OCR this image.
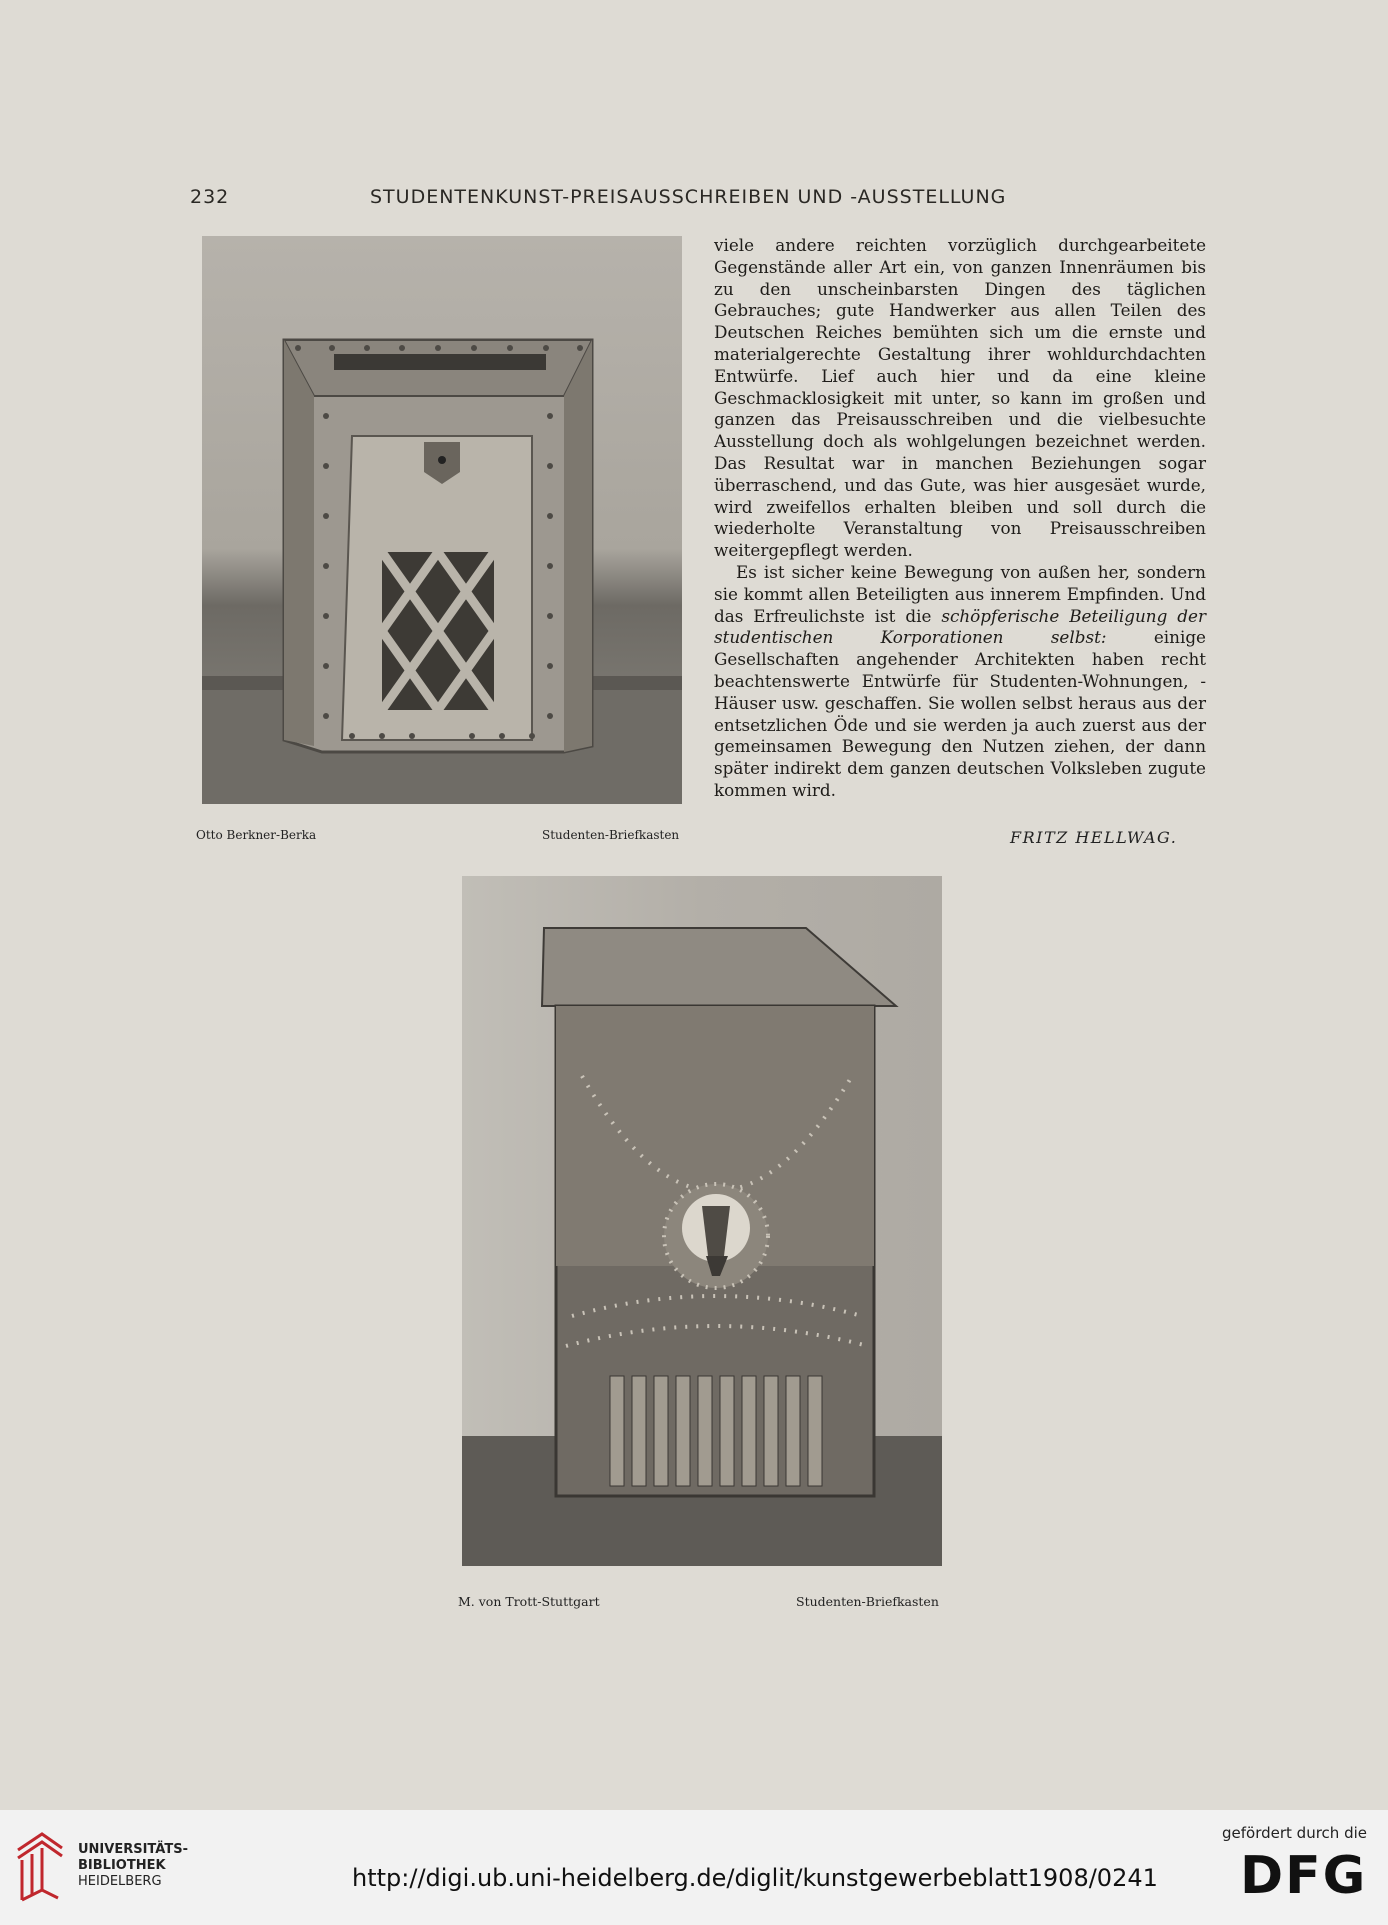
232	STUDENTENKUNST-PREISAUSSCHREIBEN UND -AUSSTELLUNG
Otto Berkner-Berka	Studenten-Briefkasten

viele andere reichten vorzüglich durchgearbeitete Gegenstände aller Art ein, von ganzen Innenräumen bis zu den unscheinbarsten Dingen des täglichen Gebrauches; gute Handwerker aus allen Teilen des Deutschen Reiches bemühten sich um die ernste und materialgerechte Gestaltung ihrer wohldurchdachten Entwürfe. Lief auch hier und da eine kleine Geschmacklosigkeit mit unter, so kann im großen und ganzen das Preisausschreiben und die vielbesuchte Ausstellung doch als wohlgelungen bezeichnet werden. Das Resultat war in manchen Beziehungen sogar überraschend, und das Gute, was hier ausgesäet wurde, wird zweifellos erhalten bleiben und soll durch die wiederholte Veranstaltung von Preisausschreiben weitergepflegt werden.

Es ist sicher keine Bewegung von außen her, sondern sie kommt allen Beteiligten aus innerem Empfinden. Und das Erfreulichste ist die schöpferische Beteiligung der studentischen Korporationen selbst:	einige Gesellschaften angehender Architekten haben recht beachtenswerte Entwürfe für Studenten-Wohnungen, -Häuser usw. geschaffen. Sie wollen selbst heraus aus der entsetzlichen Öde und sie werden ja auch zuerst aus der gemeinsamen Bewegung den Nutzen ziehen, der dann später indirekt dem ganzen deutschen Volksleben zugute kommen wird.

FRITZ HELLWAG.
M. von Trott-Stuttgart	Studenten-Briefkasten
UNIVERSITÄTS-
BIBLIOTHEK
HEIDELBERG	http://digi.ub.uni-heidelberg.de/diglit/kunstgewerbeblatt1908/0241
gefördert durch die
DFG
